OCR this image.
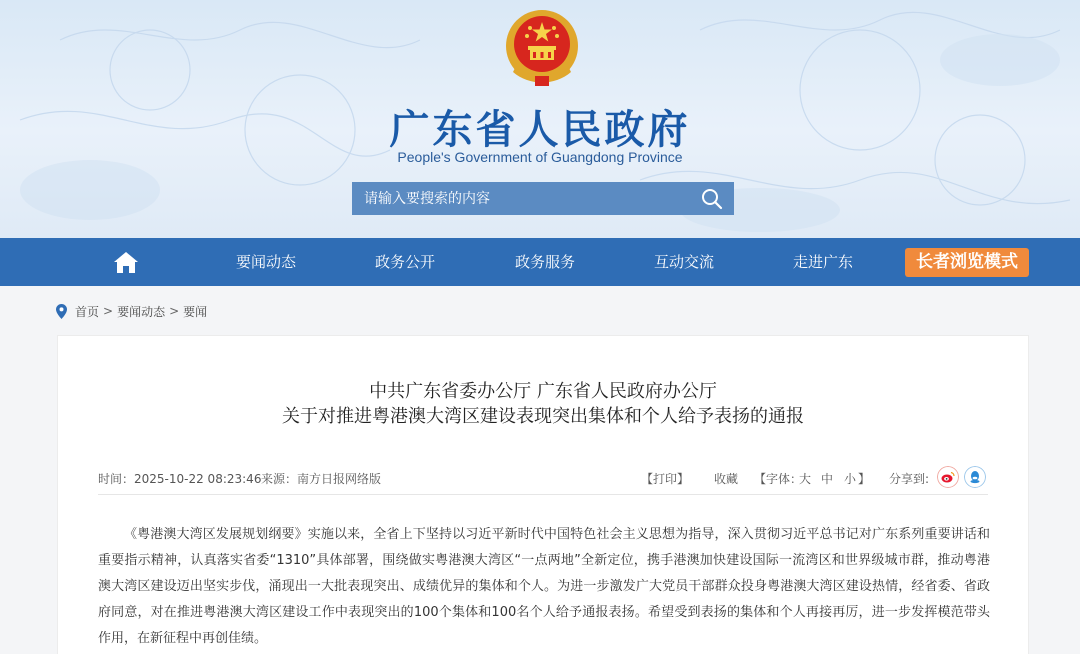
广东省人民政府
People's Government of Guangdong Province
请输入要搜索的内容
要闻动态	政务公开	政务服务	互动交流	走进广东	长者浏览模式
首页 > 要闻动态 > 要闻
中共广东省委办公厅 广东省人民政府办公厅
关于对推进粤港澳大湾区建设表现突出集体和个人给予表扬的通报
时间：2025-10-22 08:23:46 来源：南方日报网络版	【打印】 收藏 【字体：
大 中 小 】 分享到:

《粤港澳大湾区发展规划纲要》实施以来，全省上下坚持以习近平新时代中国特色社会主义思想为指导，深入贯彻习近平总书记对广东系列重要讲话和重要指示精神，认真落实省委“1310”具体部署，围绕做实粤港澳大湾区“一点两地”全新定位，携手港澳加快建设国际一流湾区和世界级城市群，推动粤港澳大湾区建设迈出坚实步伐，涌现出一大批表现突出、成绩优异的集体和个人。为进一步激发广大党员干部群众投身粤港澳大湾区建设热情，经省委、省政府同意，对在推进粤港澳大湾区建设工作中表现突出的100个集体和100名个人给予通报表扬。希望受到表扬的集体和个人再接再厉，进一步发挥模范带头作用，在新征程中再创佳绩。
